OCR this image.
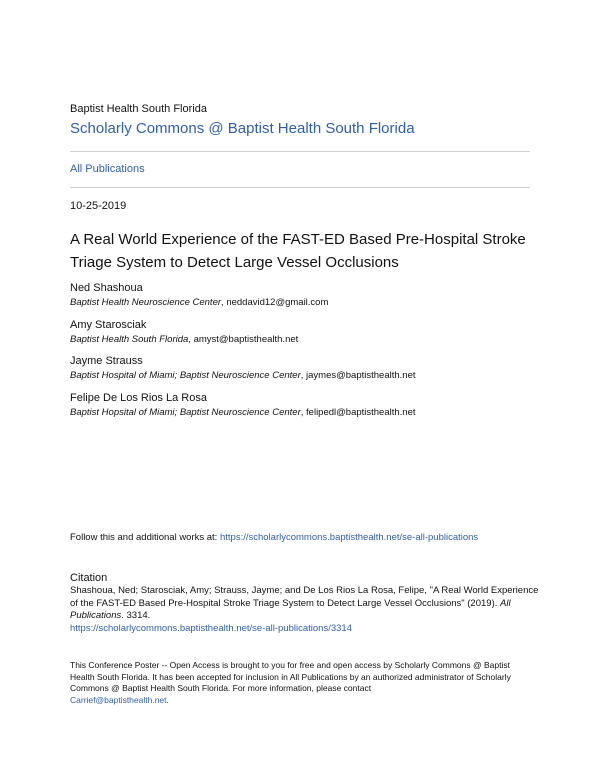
Baptist Health South Florida
Scholarly Commons @ Baptist Health South Florida
All Publications
10-25-2019
A Real World Experience of the FAST-ED Based Pre-Hospital Stroke Triage System to Detect Large Vessel Occlusions
Ned Shashoua
Baptist Health Neuroscience Center, neddavid12@gmail.com
Amy Starosciak
Baptist Health South Florida, amyst@baptisthealth.net
Jayme Strauss
Baptist Hospital of Miami; Baptist Neuroscience Center, jaymes@baptisthealth.net
Felipe De Los Rios La Rosa
Baptist Hopsital of Miami; Baptist Neuroscience Center, felipedl@baptisthealth.net
Follow this and additional works at: https://scholarlycommons.baptisthealth.net/se-all-publications
Citation
Shashoua, Ned; Starosciak, Amy; Strauss, Jayme; and De Los Rios La Rosa, Felipe, "A Real World Experience of the FAST-ED Based Pre-Hospital Stroke Triage System to Detect Large Vessel Occlusions" (2019). All Publications. 3314.
https://scholarlycommons.baptisthealth.net/se-all-publications/3314
This Conference Poster -- Open Access is brought to you for free and open access by Scholarly Commons @ Baptist Health South Florida. It has been accepted for inclusion in All Publications by an authorized administrator of Scholarly Commons @ Baptist Health South Florida. For more information, please contact
Carrief@baptisthealth.net.
